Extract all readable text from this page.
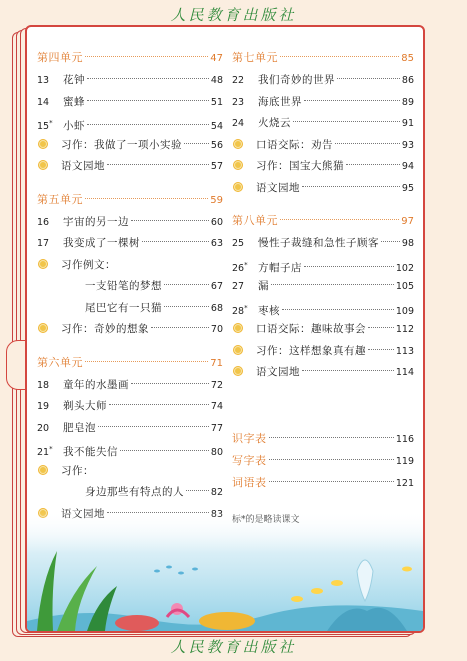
人民教育出版社
第四单元	47
13	花钟	48
14	蜜蜂	51
15* 小虾	54
习作：我做了一项小实验	56
语文园地	57
第五单元	59
16	宇宙的另一边	60
17	我变成了一棵树	63
习作例文：
一支铅笔的梦想	67
尾巴它有一只猫	68
习作：奇妙的想象	70
第六单元	71
18	童年的水墨画	72
19	剃头大师	74
20	肥皂泡	77
21* 我不能失信	80
习作：
身边那些有特点的人	82
第七单元	85
22	我们奇妙的世界	86
23	海底世界	89
24	火烧云	91
口语交际：劝告	93
习作：国宝大熊猫	94
语文园地	95
第八单元	97
25	慢性子裁缝和急性子顾客 98
26* 方帽子店	102
27	漏	105
28* 枣核	109
口语交际：趣味故事会	112
习作：这样想象真有趣	113
语文园地	114
识字表	116
写字表	119
词语表	121
人民教育出版社
